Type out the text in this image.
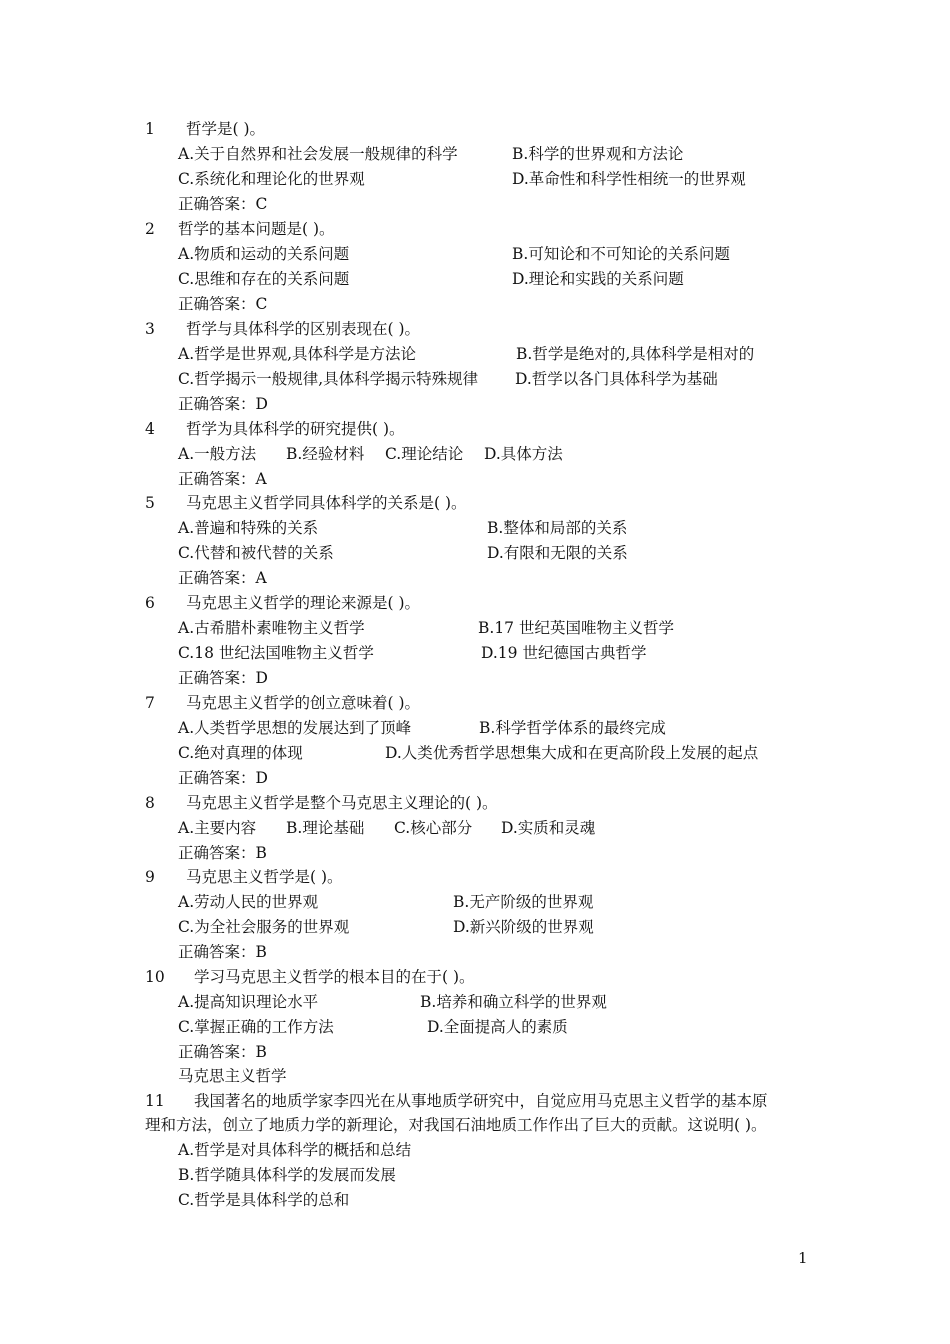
1 哲学是( )。
A.关于自然界和社会发展一般规律的科学	B.科学的世界观和方法论
C.系统化和理论化的世界观	D.革命性和科学性相统一的世界观
正确答案：C
2 哲学的基本问题是( )。
A.物质和运动的关系问题	B.可知论和不可知论的关系问题
C.思维和存在的关系问题	D.理论和实践的关系问题
正确答案：C
3 哲学与具体科学的区别表现在( )。
A.哲学是世界观,具体科学是方法论	B.哲学是绝对的,具体科学是相对的
C.哲学揭示一般规律,具体科学揭示特殊规律 D.哲学以各门具体科学为基础
正确答案：D
4 哲学为具体科学的研究提供( )。
A.一般方法 B.经验材料 C.理论结论 D.具体方法
正确答案：A
5 马克思主义哲学同具体科学的关系是( )。
A.普遍和特殊的关系	B.整体和局部的关系
C.代替和被代替的关系	D.有限和无限的关系
正确答案：A
6 马克思主义哲学的理论来源是( )。
A.古希腊朴素唯物主义哲学	B.17 世纪英国唯物主义哲学
C.18 世纪法国唯物主义哲学	D.19 世纪德国古典哲学
正确答案：D
7 马克思主义哲学的创立意味着( )。
A.人类哲学思想的发展达到了顶峰	B.科学哲学体系的最终完成
C.绝对真理的体现	D.人类优秀哲学思想集大成和在更高阶段上发展的起点
正确答案：D
8 马克思主义哲学是整个马克思主义理论的( )。
A.主要内容 B.理论基础 C.核心部分 D.实质和灵魂
正确答案：B
9 马克思主义哲学是( )。
A.劳动人民的世界观	B.无产阶级的世界观
C.为全社会服务的世界观	D.新兴阶级的世界观
正确答案：B
10 学习马克思主义哲学的根本目的在于( )。
A.提高知识理论水平	B.培养和确立科学的世界观
C.掌握正确的工作方法	D.全面提高人的素质
正确答案：B
马克思主义哲学
11 我国著名的地质学家李四光在从事地质学研究中，自觉应用马克思主义哲学的基本原
理和方法，创立了地质力学的新理论，对我国石油地质工作作出了巨大的贡献。这说明( )。
A.哲学是对具体科学的概括和总结
B.哲学随具体科学的发展而发展
C.哲学是具体科学的总和
1
